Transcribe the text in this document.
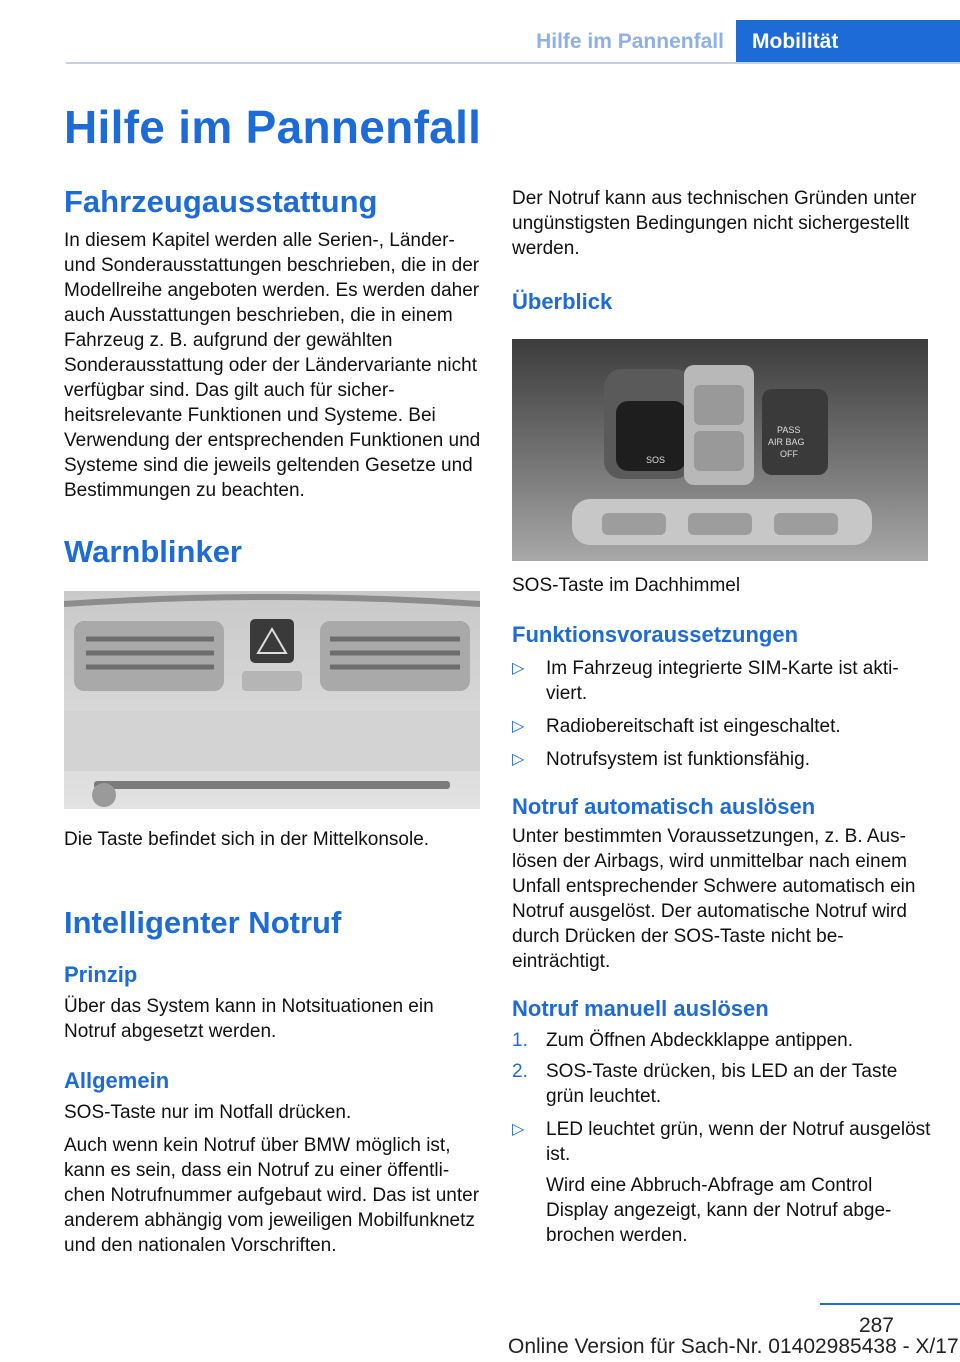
Hilfe im Pannenfall	Mobilität
Hilfe im Pannenfall
Fahrzeugausstattung

In diesem Kapitel werden alle Serien-, Länder- und Sonderausstattungen beschrieben, die in der Modellreihe angeboten werden. Es werden daher auch Ausstattungen beschrieben, die in einem Fahrzeug z. B. aufgrund der gewählten Sonderausstattung oder der Ländervariante nicht verfügbar sind. Das gilt auch für sicherheitsrelevante Funktionen und Systeme. Bei Verwendung der entsprechenden Funktionen und Systeme sind die jeweils geltenden Gesetze und Bestimmungen zu beachten.

Warnblinker

Die Taste befindet sich in der Mittelkonsole.

Intelligenter Notruf
Prinzip

Über das System kann in Notsituationen ein Notruf abgesetzt werden.

Allgemein

SOS-Taste nur im Notfall drücken.

Auch wenn kein Notruf über BMW möglich ist, kann es sein, dass ein Notruf zu einer öffentlichen Notrufnummer aufgebaut wird. Das ist unter anderem abhängig vom jeweiligen Mobilfunknetz und den nationalen Vorschriften.

Der Notruf kann aus technischen Gründen unter ungünstigsten Bedingungen nicht sichergestellt werden.

Überblick
SOS
PASS
AIR BAG
OFF

SOS-Taste im Dachhimmel

Funktionsvoraussetzungen
▷ Im Fahrzeug integrierte SIM-Karte ist aktiviert.
▷ Radiobereitschaft ist eingeschaltet.
▷ Notrufsystem ist funktionsfähig.
Notruf automatisch auslösen

Unter bestimmten Voraussetzungen, z. B. Auslösen der Airbags, wird unmittelbar nach einem Unfall entsprechender Schwere automatisch ein Notruf ausgelöst. Der automatische Notruf wird durch Drücken der SOS-Taste nicht beeinträchtigt.

Notruf manuell auslösen
1. Zum Öffnen Abdeckklappe antippen.
2. SOS-Taste drücken, bis LED an der Taste grün leuchtet.
▷ LED leuchtet grün, wenn der Notruf ausgelöst ist.
Wird eine Abbruch-Abfrage am Control Display angezeigt, kann der Notruf abgebrochen werden.
287
Online Version für Sach-Nr. 01402985438 - X/17
